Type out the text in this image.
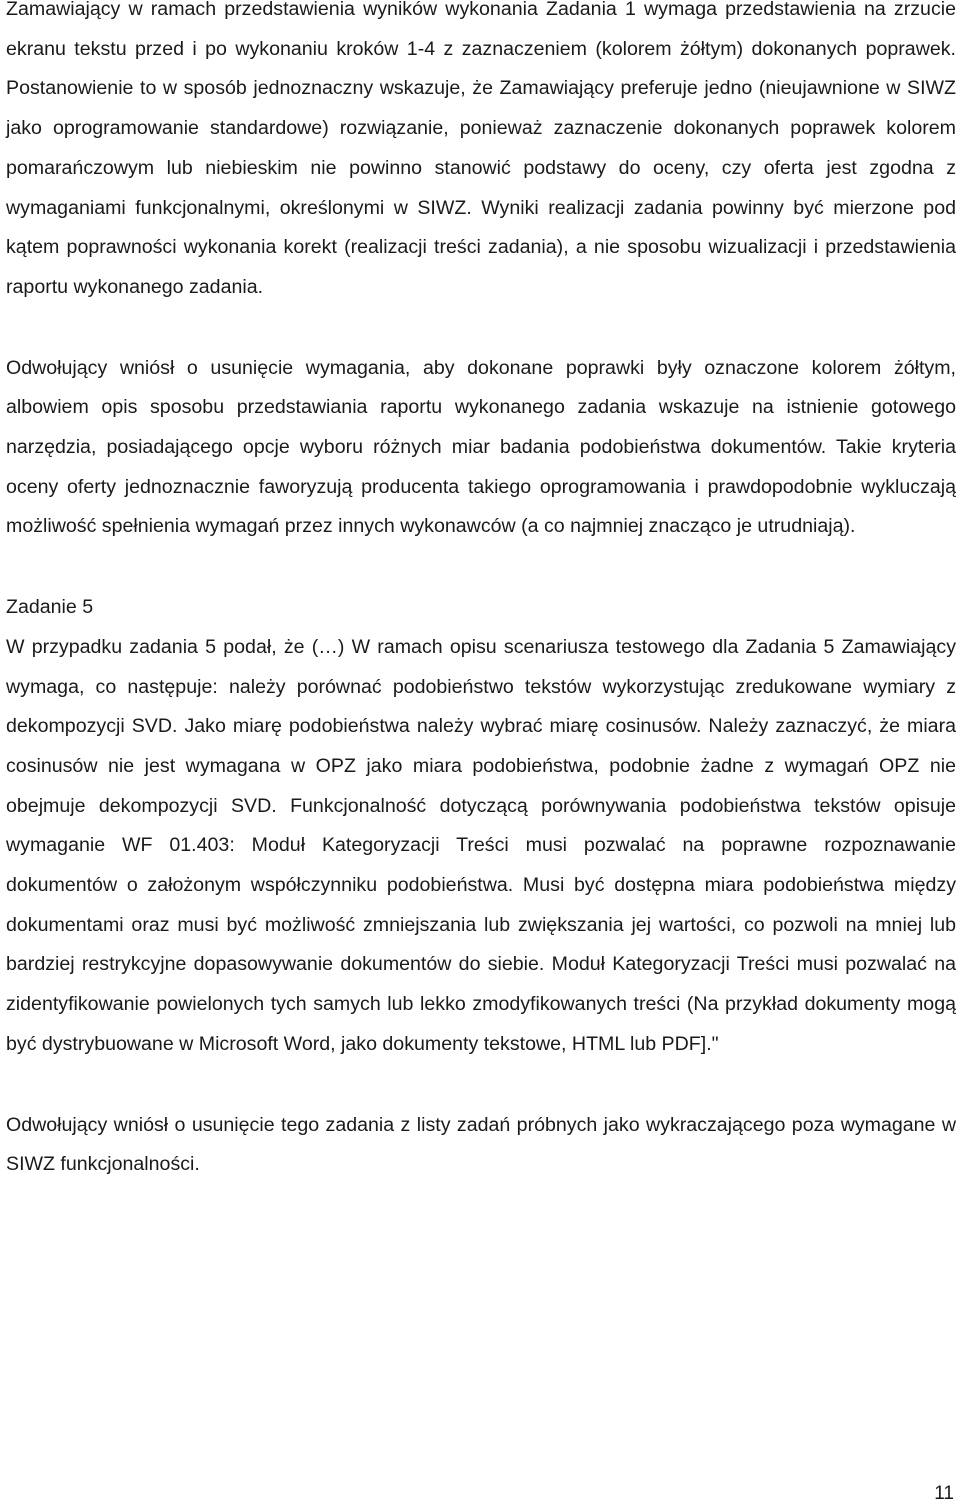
Zamawiający w ramach przedstawienia wyników wykonania Zadania 1 wymaga przedstawienia na zrzucie ekranu tekstu przed i po wykonaniu kroków 1-4 z zaznaczeniem (kolorem żółtym) dokonanych poprawek. Postanowienie to w sposób jednoznaczny wskazuje, że Zamawiający preferuje jedno (nieujawnione w SIWZ jako oprogramowanie standardowe) rozwiązanie, ponieważ zaznaczenie dokonanych poprawek kolorem pomarańczowym lub niebieskim nie powinno stanowić podstawy do oceny, czy oferta jest zgodna z wymaganiami funkcjonalnymi, określonymi w SIWZ. Wyniki realizacji zadania powinny być mierzone pod kątem poprawności wykonania korekt (realizacji treści zadania), a nie sposobu wizualizacji i przedstawienia raportu wykonanego zadania.

Odwołujący wniósł o usunięcie wymagania, aby dokonane poprawki były oznaczone kolorem żółtym, albowiem opis sposobu przedstawiania raportu wykonanego zadania wskazuje na istnienie gotowego narzędzia, posiadającego opcje wyboru różnych miar badania podobieństwa dokumentów. Takie kryteria oceny oferty jednoznacznie faworyzują producenta takiego oprogramowania i prawdopodobnie wykluczają możliwość spełnienia wymagań przez innych wykonawców (a co najmniej znacząco je utrudniają).

Zadanie 5

W przypadku zadania 5 podał, że (…) W ramach opisu scenariusza testowego dla Zadania 5 Zamawiający wymaga, co następuje: należy porównać podobieństwo tekstów wykorzystując zredukowane wymiary z dekompozycji SVD. Jako miarę podobieństwa należy wybrać miarę cosinusów. Należy zaznaczyć, że miara cosinusów nie jest wymagana w OPZ jako miara podobieństwa, podobnie żadne z wymagań OPZ nie obejmuje dekompozycji SVD. Funkcjonalność dotyczącą porównywania podobieństwa tekstów opisuje wymaganie WF 01.403: Moduł Kategoryzacji Treści musi pozwalać na poprawne rozpoznawanie dokumentów o założonym współczynniku podobieństwa. Musi być dostępna miara podobieństwa między dokumentami oraz musi być możliwość zmniejszania lub zwiększania jej wartości, co pozwoli na mniej lub bardziej restrykcyjne dopasowywanie dokumentów do siebie. Moduł Kategoryzacji Treści musi pozwalać na zidentyfikowanie powielonych tych samych lub lekko zmodyfikowanych treści (Na przykład dokumenty mogą być dystrybuowane w Microsoft Word, jako dokumenty tekstowe, HTML lub PDF]."

Odwołujący wniósł o usunięcie tego zadania z listy zadań próbnych jako wykraczającego poza wymagane w SIWZ funkcjonalności.

11
